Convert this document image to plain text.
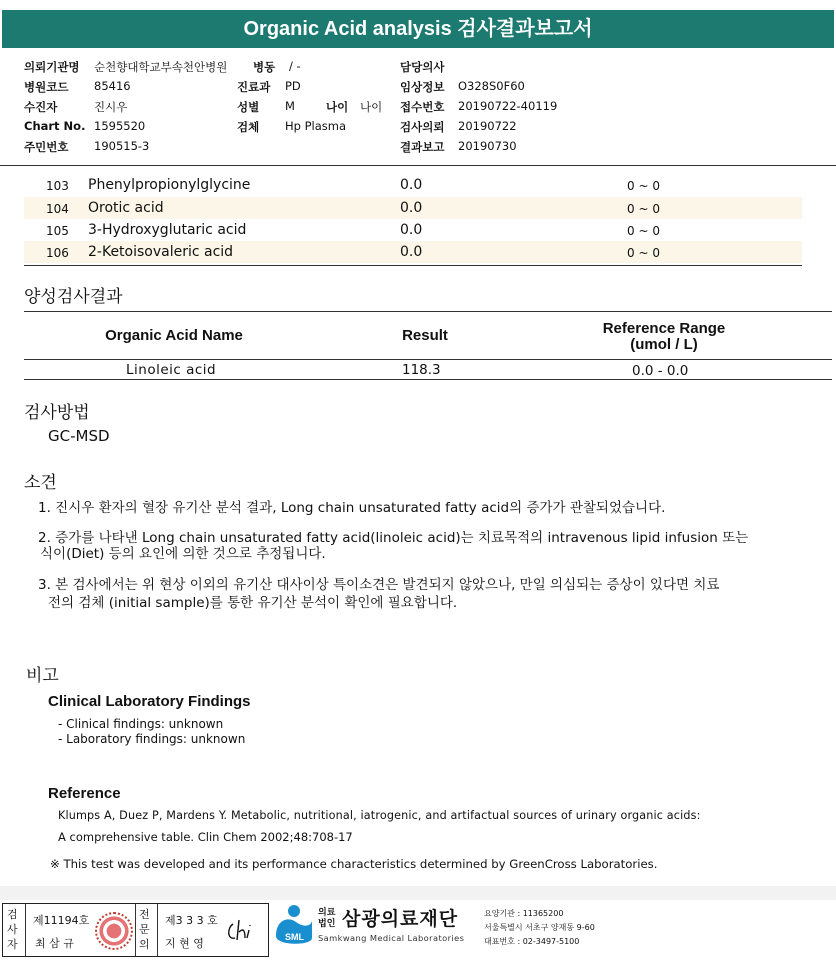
Organic Acid analysis 검사결과보고서
의뢰기관명 순천향대학교부속천안병원
병원코드 85416
수진자	진시우
Chart No. 1595520
주민번호 190515-3
병동 / -
진료과 PD
성별 M	나이 나이
검체 Hp Plasma
담당의사
임상정보 O328S0F60
접수번호 20190722-40119
검사의뢰 20190722
결과보고 20190730
103 Phenylpropionylglycine	0.0	0 ~ 0
104 Orotic acid	0.0	0 ~ 0
105 3-Hydroxyglutaric acid	0.0	0 ~ 0
106 2-Ketoisovaleric acid	0.0	0 ~ 0
양성검사결과
Organic Acid Name	Result	Reference Range
(umol / L)
Linoleic acid	118.3	0.0 - 0.0
검사방법
GC-MSD
소견
1. 진시우 환자의 혈장 유기산 분석 결과, Long chain unsaturated fatty acid의 증가가 관찰되었습니다.
2. 증가를 나타낸 Long chain unsaturated fatty acid(linoleic acid)는 치료목적의 intravenous lipid infusion 또는
식이(Diet) 등의 요인에 의한 것으로 추정됩니다.
3. 본 검사에서는 위 현상 이외의 유기산 대사이상 특이소견은 발견되지 않았으나, 만일 의심되는 증상이 있다면 치료
전의 검체 (initial sample)를 통한 유기산 분석이 확인에 필요합니다.
비고
Clinical Laboratory Findings
- Clinical findings: unknown
- Laboratory findings: unknown
Reference
Klumps A, Duez P, Mardens Y. Metabolic, nutritional, iatrogenic, and artifactual sources of urinary organic acids:
A comprehensive table. Clin Chem 2002;48:708-17
※ This test was developed and its performance characteristics determined by GreenCross Laboratories.
검사자
제11194호
최 삼 규
전문의
제3 3 3 호
지 현 영	SML
의료
법인 삼광의료재단
Samkwang Medical Laboratories
요양기관 : 11365200
서울특별시 서초구 양재동 9-60
대표번호 : 02-3497-5100
